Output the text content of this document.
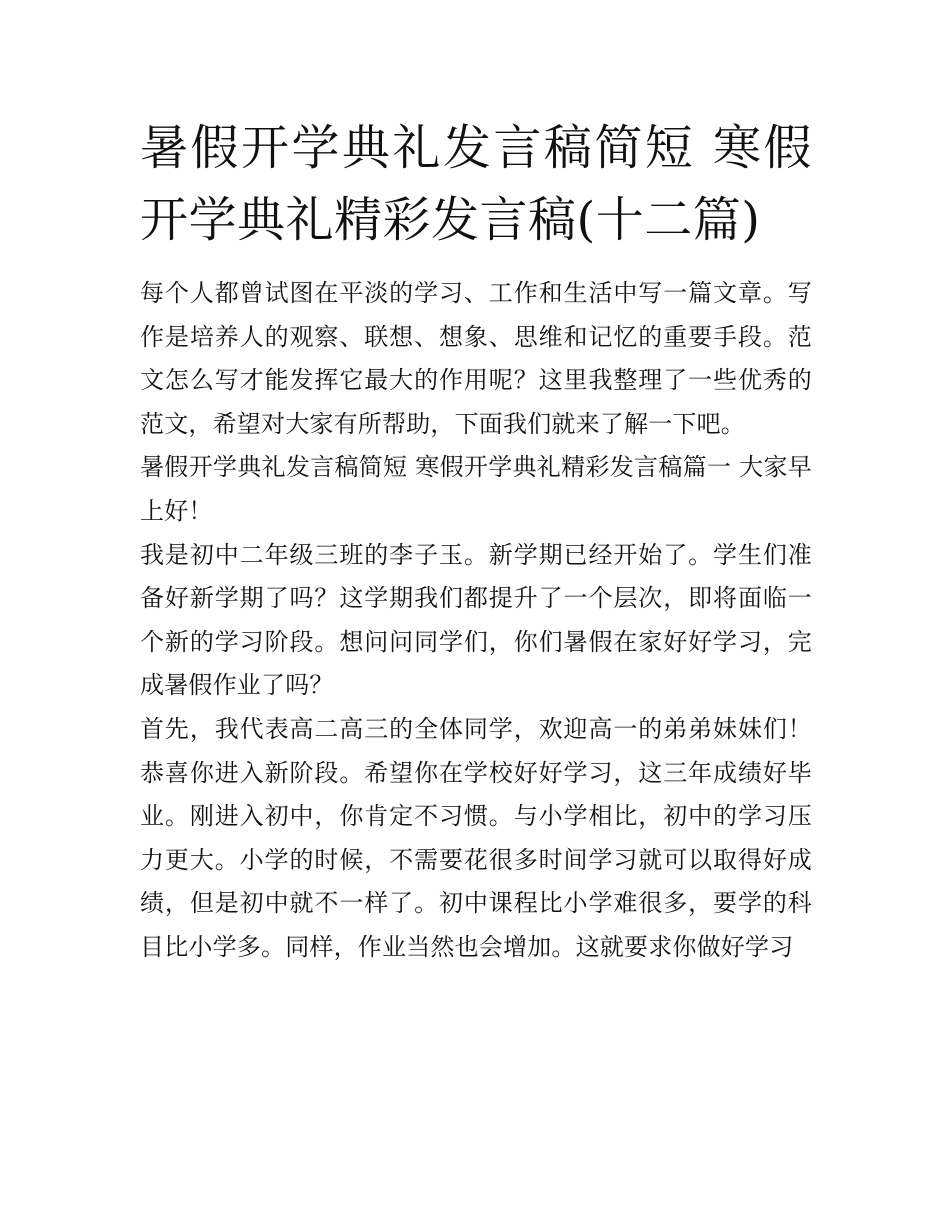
暑假开学典礼发言稿简短 寒假开学典礼精彩发言稿(十二篇)

每个人都曾试图在平淡的学习、工作和生活中写一篇文章。写作是培养人的观察、联想、想象、思维和记忆的重要手段。范文怎么写才能发挥它最大的作用呢？这里我整理了一些优秀的范文，希望对大家有所帮助，下面我们就来了解一下吧。

暑假开学典礼发言稿简短 寒假开学典礼精彩发言稿篇一 大家早上好！

我是初中二年级三班的李子玉。新学期已经开始了。学生们准备好新学期了吗？这学期我们都提升了一个层次，即将面临一个新的学习阶段。想问问同学们，你们暑假在家好好学习，完成暑假作业了吗？

首先，我代表高二高三的全体同学，欢迎高一的弟弟妹妹们！恭喜你进入新阶段。希望你在学校好好学习，这三年成绩好毕业。刚进入初中，你肯定不习惯。与小学相比，初中的学习压力更大。小学的时候，不需要花很多时间学习就可以取得好成绩，但是初中就不一样了。初中课程比小学难很多，要学的科目比小学多。同样，作业当然也会增加。这就要求你做好学习
